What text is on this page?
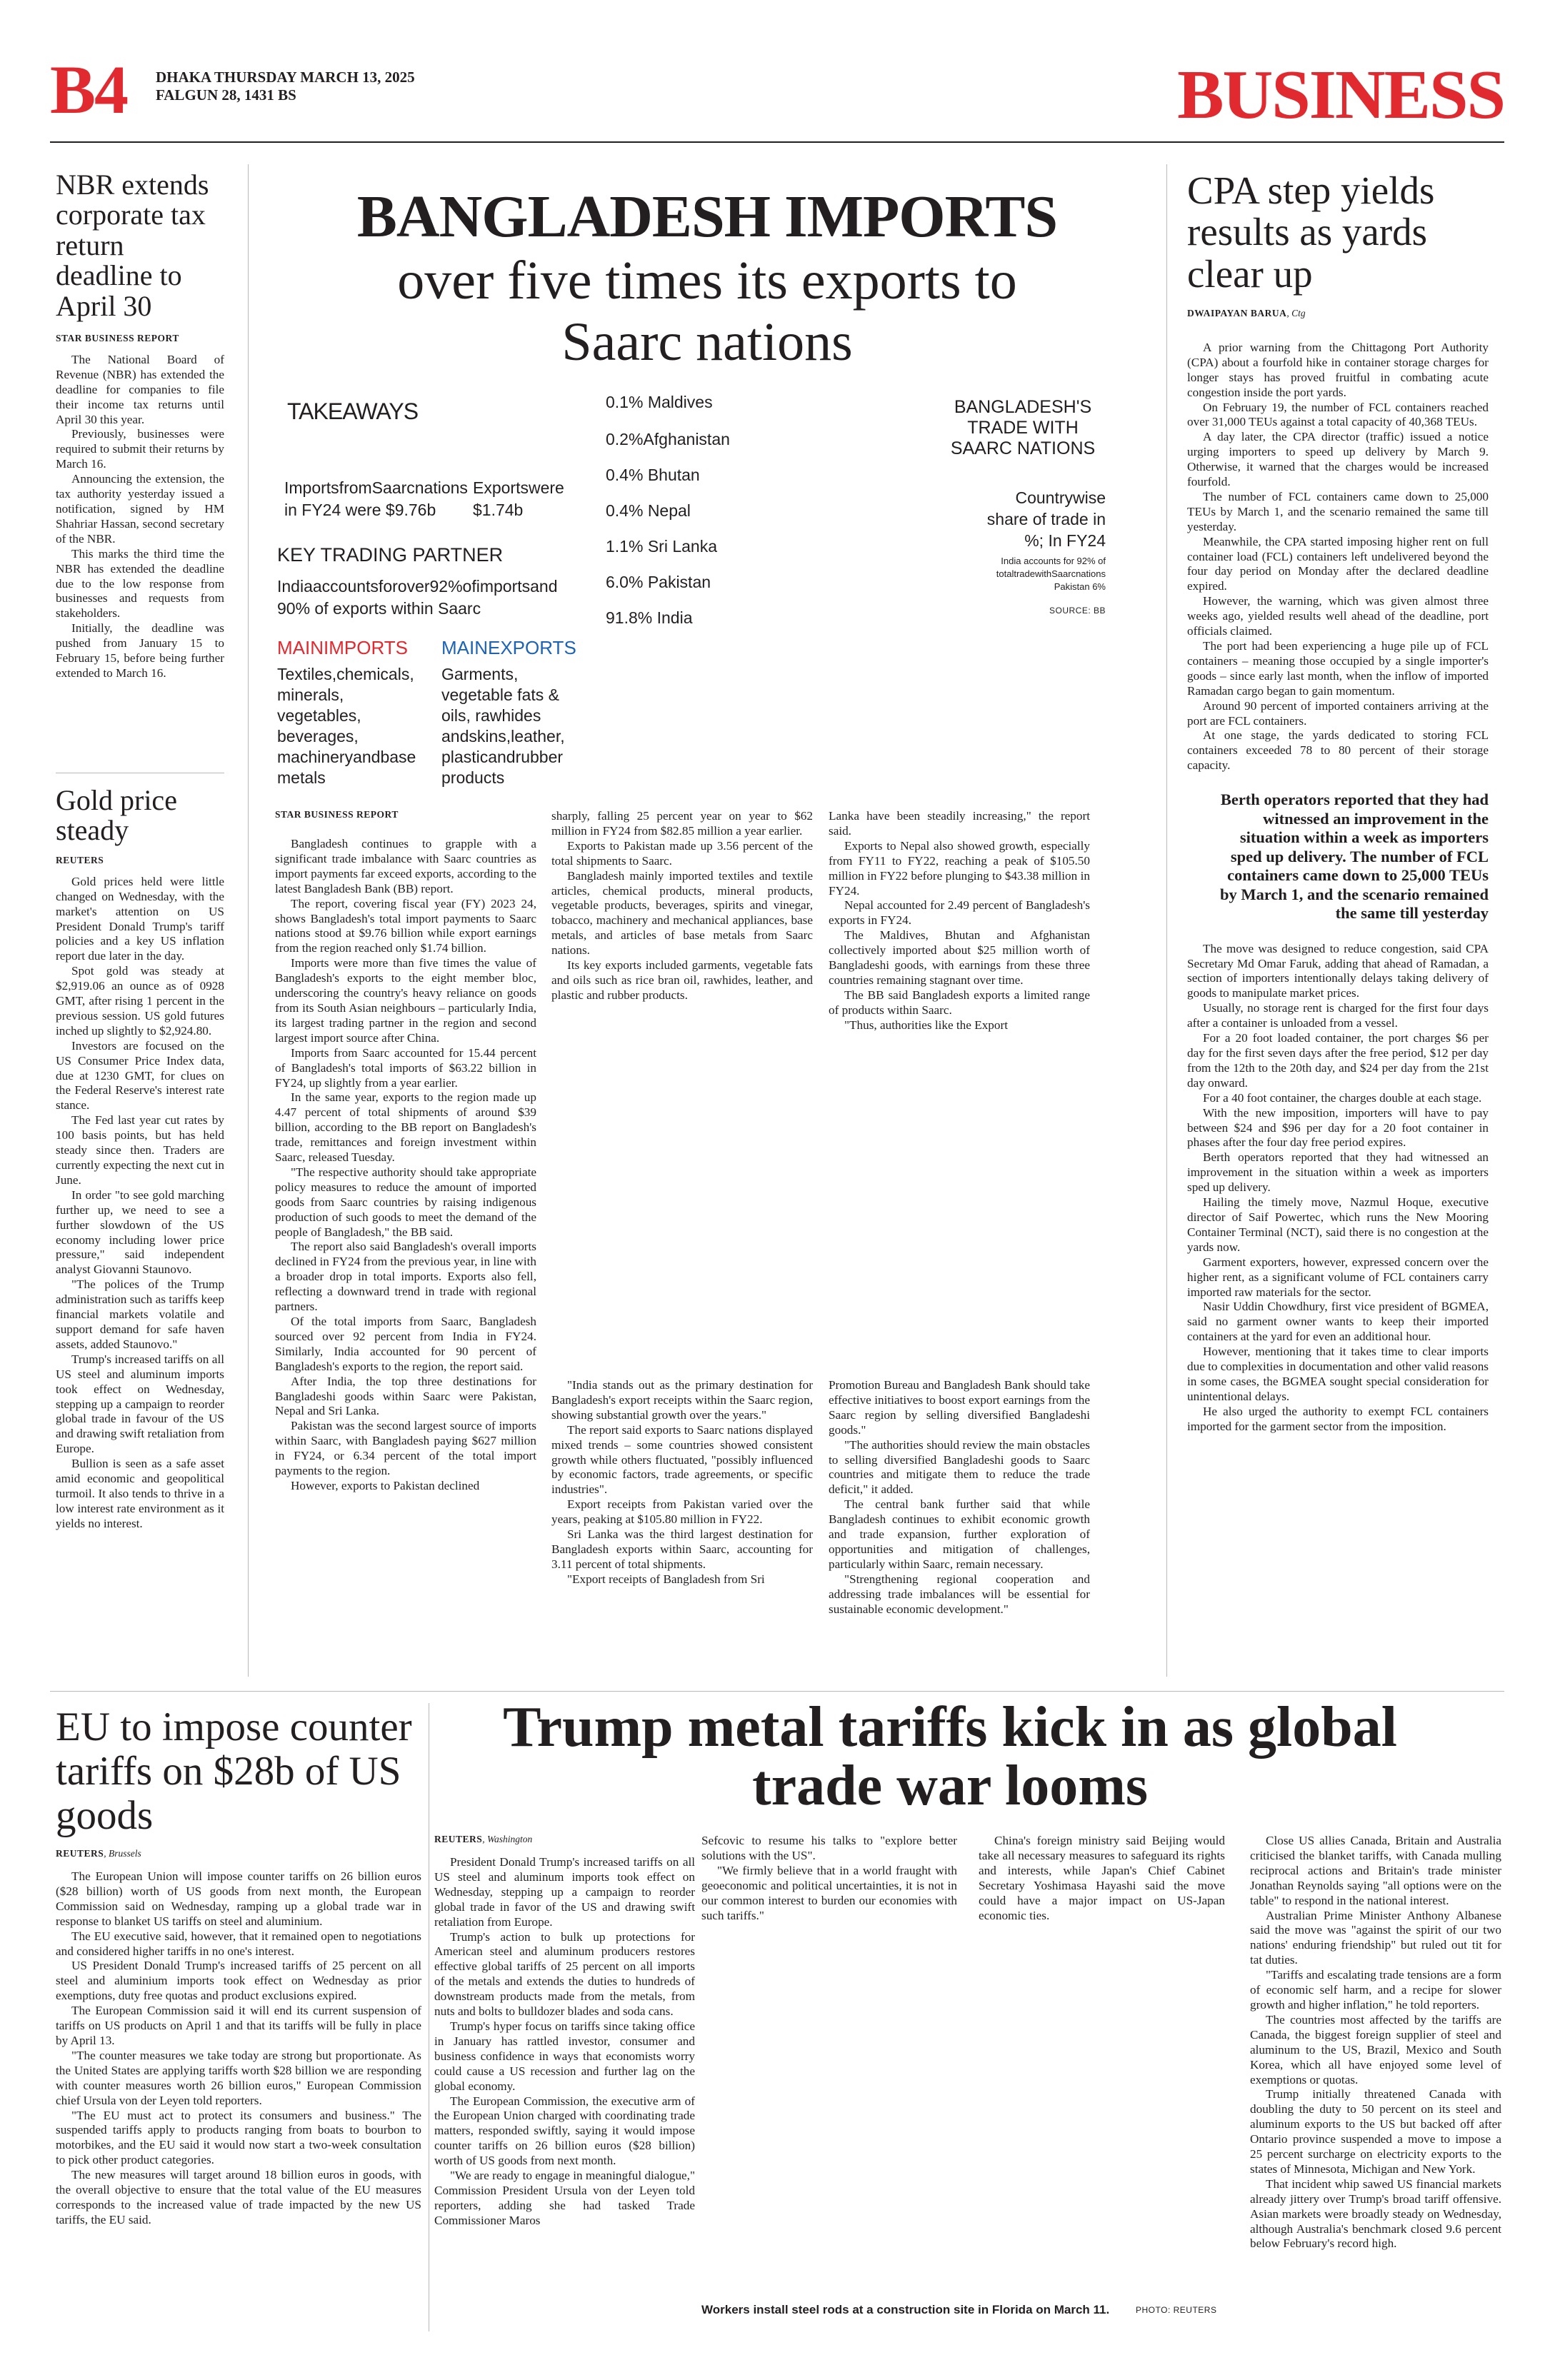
B4 DHAKA THURSDAY MARCH 13, 2025
FALGUN 28, 1431 BS	BUSINESS
NBR extends corporate tax return deadline to April 30
STAR BUSINESS REPORT

The National Board of Revenue (NBR) has extended the deadline for companies to file their income tax returns until April 30 this year.

Previously, businesses were required to submit their returns by March 16.

Announcing the extension, the tax authority yesterday issued a notification, signed by HM Shahriar Hassan, second secretary of the NBR.

This marks the third time the NBR has extended the deadline due to the low response from businesses and requests from stakeholders.

Initially, the deadline was pushed from January 15 to February 15, before being further extended to March 16.

Gold price steady
REUTERS

Gold prices held were little changed on Wednesday, with the market's attention on US President Donald Trump's tariff policies and a key US inflation report due later in the day.

Spot gold was steady at $2,919.06 an ounce as of 0928 GMT, after rising 1 percent in the previous session. US gold futures inched up slightly to $2,924.80.

Investors are focused on the US Consumer Price Index data, due at 1230 GMT, for clues on the Federal Reserve's interest rate stance.

The Fed last year cut rates by 100 basis points, but has held steady since then. Traders are currently expecting the next cut in June.

In order "to see gold marching further up, we need to see a further slowdown of the US economy including lower price pressure," said independent analyst Giovanni Staunovo.

"The polices of the Trump administration such as tariffs keep financial markets volatile and support demand for safe haven assets, added Staunovo."

Trump's increased tariffs on all US steel and aluminum imports took effect on Wednesday, stepping up a campaign to reorder global trade in favour of the US and drawing swift retaliation from Europe.

Bullion is seen as a safe asset amid economic and geopolitical turmoil. It also tends to thrive in a low interest rate environment as it yields no interest.

BANGLADESH IMPORTS
over five times its exports to Saarc nations
TAKEAWAYS
ImportsfromSaarcnations in FY24 were $9.76b
Exportswere $1.74b
KEY TRADING PARTNER
Indiaaccountsforover92%ofimportsand 90% of exports within Saarc
MAINIMPORTS
Textiles,chemicals, minerals, vegetables, beverages, machineryandbase metals
MAINEXPORTS
Garments, vegetable fats & oils, rawhides andskins,leather, plasticandrubber products
0.1% Maldives
0.2%Afghanistan
0.4% Bhutan
0.4% Nepal
1.1% Sri Lanka
6.0% Pakistan
91.8% India
BANGLADESH'S TRADE WITH SAARC NATIONS
Countrywise share of trade in %; In FY24
India accounts for 92% of
totaltradewithSaarcnations
Pakistan 6%
SOURCE: BB
STAR BUSINESS REPORT

Bangladesh continues to grapple with a significant trade imbalance with Saarc countries as import payments far exceed exports, according to the latest Bangladesh Bank (BB) report.

The report, covering fiscal year (FY) 2023 24, shows Bangladesh's total import payments to Saarc nations stood at $9.76 billion while export earnings from the region reached only $1.74 billion.

Imports were more than five times the value of Bangladesh's exports to the eight member bloc, underscoring the country's heavy reliance on goods from its South Asian neighbours – particularly India, its largest trading partner in the region and second largest import source after China.

Imports from Saarc accounted for 15.44 percent of Bangladesh's total imports of $63.22 billion in FY24, up slightly from a year earlier.

In the same year, exports to the region made up 4.47 percent of total shipments of around $39 billion, according to the BB report on Bangladesh's trade, remittances and foreign investment within Saarc, released Tuesday.

"The respective authority should take appropriate policy measures to reduce the amount of imported goods from Saarc countries by raising indigenous production of such goods to meet the demand of the people of Bangladesh," the BB said.

The report also said Bangladesh's overall imports declined in FY24 from the previous year, in line with a broader drop in total imports. Exports also fell, reflecting a downward trend in trade with regional partners.

Of the total imports from Saarc, Bangladesh sourced over 92 percent from India in FY24. Similarly, India accounted for 90 percent of Bangladesh's exports to the region, the report said.

After India, the top three destinations for Bangladeshi goods within Saarc were Pakistan, Nepal and Sri Lanka.

Pakistan was the second largest source of imports within Saarc, with Bangladesh paying $627 million in FY24, or 6.34 percent of the total import payments to the region.

However, exports to Pakistan declined

sharply, falling 25 percent year on year to $62 million in FY24 from $82.85 million a year earlier.

Exports to Pakistan made up 3.56 percent of the total shipments to Saarc.

Bangladesh mainly imported textiles and textile articles, chemical products, mineral products, vegetable products, beverages, spirits and vinegar, tobacco, machinery and mechanical appliances, base metals, and articles of base metals from Saarc nations.

Its key exports included garments, vegetable fats and oils such as rice bran oil, rawhides, leather, and plastic and rubber products.

Lanka have been steadily increasing," the report said.

Exports to Nepal also showed growth, especially from FY11 to FY22, reaching a peak of $105.50 million in FY22 before plunging to $43.38 million in FY24.

Nepal accounted for 2.49 percent of Bangladesh's exports in FY24.

The Maldives, Bhutan and Afghanistan collectively imported about $25 million worth of Bangladeshi goods, with earnings from these three countries remaining stagnant over time.

The BB said Bangladesh exports a limited range of products within Saarc.

"Thus, authorities like the Export

"India stands out as the primary destination for Bangladesh's export receipts within the Saarc region, showing substantial growth over the years."

The report said exports to Saarc nations displayed mixed trends – some countries showed consistent growth while others fluctuated, "possibly influenced by economic factors, trade agreements, or specific industries".

Export receipts from Pakistan varied over the years, peaking at $105.80 million in FY22.

Sri Lanka was the third largest destination for Bangladesh exports within Saarc, accounting for 3.11 percent of total shipments.

"Export receipts of Bangladesh from Sri

Promotion Bureau and Bangladesh Bank should take effective initiatives to boost export earnings from the Saarc region by selling diversified Bangladeshi goods."

"The authorities should review the main obstacles to selling diversified Bangladeshi goods to Saarc countries and mitigate them to reduce the trade deficit," it added.

The central bank further said that while Bangladesh continues to exhibit economic growth and trade expansion, further exploration of opportunities and mitigation of challenges, particularly within Saarc, remain necessary.

"Strengthening regional cooperation and addressing trade imbalances will be essential for sustainable economic development."

CPA step yields results as yards clear up
DWAIPAYAN BARUA, Ctg

A prior warning from the Chittagong Port Authority (CPA) about a fourfold hike in container storage charges for longer stays has proved fruitful in combating acute congestion inside the port yards.

On February 19, the number of FCL containers reached over 31,000 TEUs against a total capacity of 40,368 TEUs.

A day later, the CPA director (traffic) issued a notice urging importers to speed up delivery by March 9. Otherwise, it warned that the charges would be increased fourfold.

The number of FCL containers came down to 25,000 TEUs by March 1, and the scenario remained the same till yesterday.

Meanwhile, the CPA started imposing higher rent on full container load (FCL) containers left undelivered beyond the four day period on Monday after the declared deadline expired.

However, the warning, which was given almost three weeks ago, yielded results well ahead of the deadline, port officials claimed.

The port had been experiencing a huge pile up of FCL containers – meaning those occupied by a single importer's goods – since early last month, when the inflow of imported Ramadan cargo began to gain momentum.

Around 90 percent of imported containers arriving at the port are FCL containers.

At one stage, the yards dedicated to storing FCL containers exceeded 78 to 80 percent of their storage capacity.

Berth operators reported that they had witnessed an improvement in the situation within a week as importers sped up delivery. The number of FCL containers came down to 25,000 TEUs by March 1, and the scenario remained the same till yesterday

The move was designed to reduce congestion, said CPA Secretary Md Omar Faruk, adding that ahead of Ramadan, a section of importers intentionally delays taking delivery of goods to manipulate market prices.

Usually, no storage rent is charged for the first four days after a container is unloaded from a vessel.

For a 20 foot loaded container, the port charges $6 per day for the first seven days after the free period, $12 per day from the 12th to the 20th day, and $24 per day from the 21st day onward.

For a 40 foot container, the charges double at each stage.

With the new imposition, importers will have to pay between $24 and $96 per day for a 20 foot container in phases after the four day free period expires.

Berth operators reported that they had witnessed an improvement in the situation within a week as importers sped up delivery.

Hailing the timely move, Nazmul Hoque, executive director of Saif Powertec, which runs the New Mooring Container Terminal (NCT), said there is no congestion at the yards now.

Garment exporters, however, expressed concern over the higher rent, as a significant volume of FCL containers carry imported raw materials for the sector.

Nasir Uddin Chowdhury, first vice president of BGMEA, said no garment owner wants to keep their imported containers at the yard for even an additional hour.

However, mentioning that it takes time to clear imports due to complexities in documentation and other valid reasons in some cases, the BGMEA sought special consideration for unintentional delays.

He also urged the authority to exempt FCL containers imported for the garment sector from the imposition.

EU to impose counter tariffs on $28b of US goods
REUTERS, Brussels

The European Union will impose counter tariffs on 26 billion euros ($28 billion) worth of US goods from next month, the European Commission said on Wednesday, ramping up a global trade war in response to blanket US tariffs on steel and aluminium.

The EU executive said, however, that it remained open to negotiations and considered higher tariffs in no one's interest.

US President Donald Trump's increased tariffs of 25 percent on all steel and aluminium imports took effect on Wednesday as prior exemptions, duty free quotas and product exclusions expired.

The European Commission said it will end its current suspension of tariffs on US products on April 1 and that its tariffs will be fully in place by April 13.

"The counter measures we take today are strong but proportionate. As the United States are applying tariffs worth $28 billion we are responding with counter measures worth 26 billion euros," European Commission chief Ursula von der Leyen told reporters.

"The EU must act to protect its consumers and business." The suspended tariffs apply to products ranging from boats to bourbon to motorbikes, and the EU said it would now start a two-week consultation to pick other product categories.

The new measures will target around 18 billion euros in goods, with the overall objective to ensure that the total value of the EU measures corresponds to the increased value of trade impacted by the new US tariffs, the EU said.

Trump metal tariffs kick in as global trade war looms
REUTERS, Washington

President Donald Trump's increased tariffs on all US steel and aluminum imports took effect on Wednesday, stepping up a campaign to reorder global trade in favor of the US and drawing swift retaliation from Europe.

Trump's action to bulk up protections for American steel and aluminum producers restores effective global tariffs of 25 percent on all imports of the metals and extends the duties to hundreds of downstream products made from the metals, from nuts and bolts to bulldozer blades and soda cans.

Trump's hyper focus on tariffs since taking office in January has rattled investor, consumer and business confidence in ways that economists worry could cause a US recession and further lag on the global economy.

The European Commission, the executive arm of the European Union charged with coordinating trade matters, responded swiftly, saying it would impose counter tariffs on 26 billion euros ($28 billion) worth of US goods from next month.

"We are ready to engage in meaningful dialogue," Commission President Ursula von der Leyen told reporters, adding she had tasked Trade Commissioner Maros

Sefcovic to resume his talks to "explore better solutions with the US".

"We firmly believe that in a world fraught with geoeconomic and political uncertainties, it is not in our common interest to burden our economies with such tariffs."

China's foreign ministry said Beijing would take all necessary measures to safeguard its rights and interests, while Japan's Chief Cabinet Secretary Yoshimasa Hayashi said the move could have a major impact on US-Japan economic ties.

Close US allies Canada, Britain and Australia criticised the blanket tariffs, with Canada mulling reciprocal actions and Britain's trade minister Jonathan Reynolds saying "all options were on the table" to respond in the national interest.

Australian Prime Minister Anthony Albanese said the move was "against the spirit of our two nations' enduring friendship" but ruled out tit for tat duties.

"Tariffs and escalating trade tensions are a form of economic self harm, and a recipe for slower growth and higher inflation," he told reporters.

The countries most affected by the tariffs are Canada, the biggest foreign supplier of steel and aluminum to the US, Brazil, Mexico and South Korea, which all have enjoyed some level of exemptions or quotas.

Trump initially threatened Canada with doubling the duty to 50 percent on its steel and aluminum exports to the US but backed off after Ontario province suspended a move to impose a 25 percent surcharge on electricity exports to the states of Minnesota, Michigan and New York.

That incident whip sawed US financial markets already jittery over Trump's broad tariff offensive. Asian markets were broadly steady on Wednesday, although Australia's benchmark closed 9.6 percent below February's record high.

Workers install steel rods at a construction site in Florida on March 11.	PHOTO: REUTERS
